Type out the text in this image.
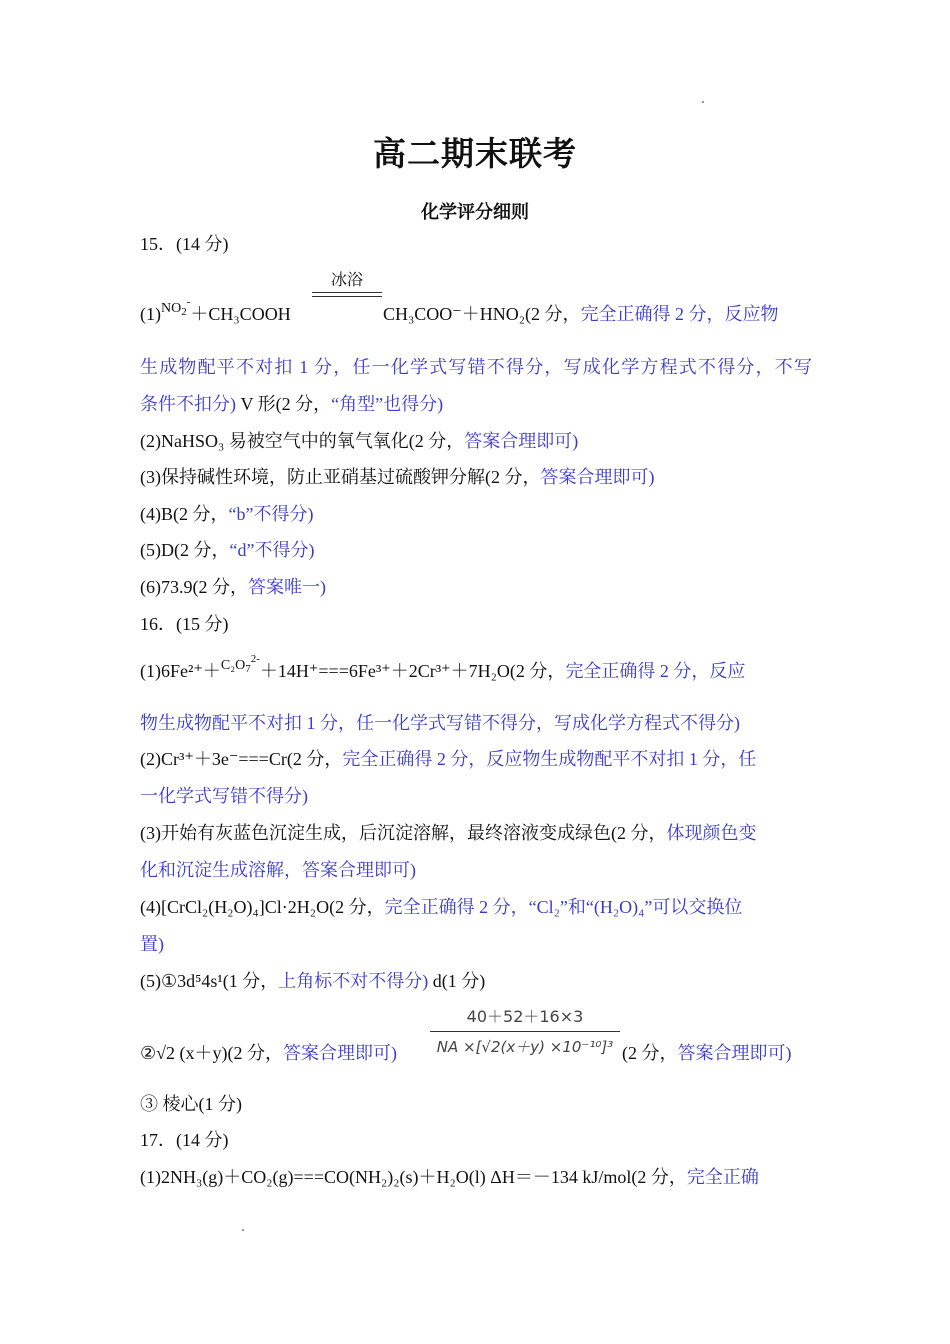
高二期末联考
化学评分细则
15．(14 分)
冰浴
$(1)^{NO_2^-}+CH_3COOH$	CH₃COO⁻＋HNO₂(2 分，完全正确得 2 分，反应物
生成物配平不对扣 1 分，任一化学式写错不得分，写成化学方程式不得分，不写
条件不扣分) V 形(2 分，“角型”也得分)
(2)NaHSO₃ 易被空气中的氧气氧化(2 分，答案合理即可)
(3)保持碱性环境，防止亚硝基过硫酸钾分解(2 分，答案合理即可)
(4)B(2 分，“b”不得分)
(5)D(2 分，“d”不得分)
(6)73.9(2 分，答案唯一)
16．(15 分)
(1)6Fe²⁺＋$^{C_2O_7^{2-}}$＋14H⁺===6Fe³⁺＋2Cr³⁺＋7H₂O(2 分，完全正确得 2 分，反应
物生成物配平不对扣 1 分，任一化学式写错不得分，写成化学方程式不得分)
(2)Cr³⁺＋3e⁻===Cr(2 分，完全正确得 2 分，反应物生成物配平不对扣 1 分，任
一化学式写错不得分)
(3)开始有灰蓝色沉淀生成，后沉淀溶解，最终溶液变成绿色(2 分，体现颜色变
化和沉淀生成溶解，答案合理即可)
(4)[CrCl₂(H₂O)₄]Cl·2H₂O(2 分，完全正确得 2 分，“Cl₂”和“(H₂O)₄”可以交换位
置)
(5)①3d⁵4s¹(1 分，上角标不对不得分) d(1 分)
$\frac{40+52+16\times 3}{\text{NA ×[√2(x＋y) ×10⁻¹⁰]³}}$
②√2 (x＋y)(2 分，答案合理即可)	(2 分，答案合理即可)
③ 棱心(1 分)
17．(14 分)
(1)2NH₃(g)＋CO₂(g)===CO(NH₂)₂(s)＋H₂O(l) ΔH＝－134 kJ/mol(2 分，完全正确
